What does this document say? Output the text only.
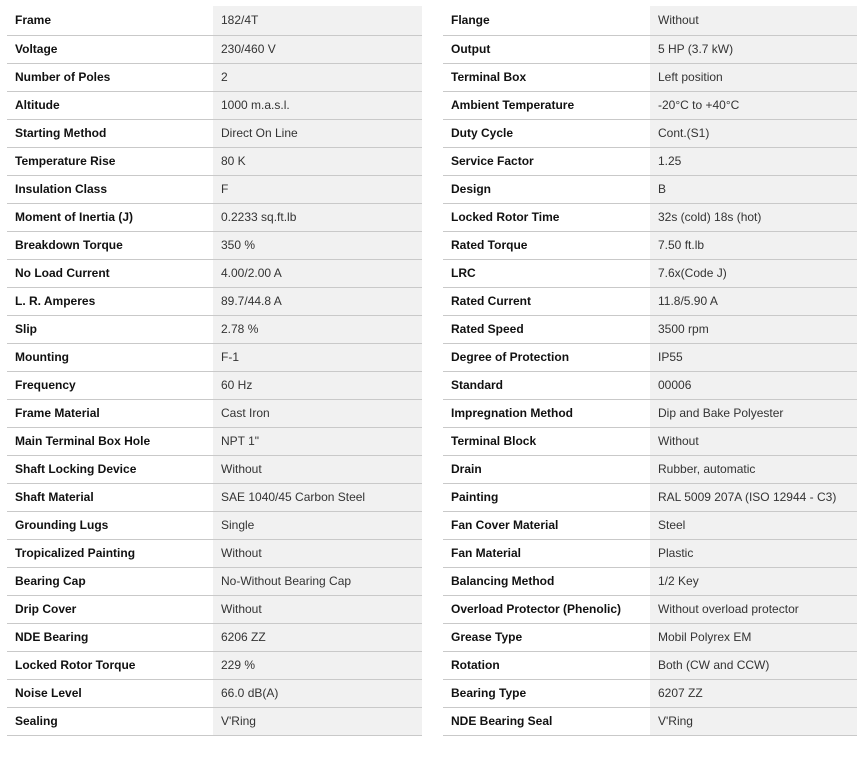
Frame	182/4T
Voltage	230/460 V
Number of Poles	2
Altitude	1000 m.a.s.l.
Starting Method	Direct On Line
Temperature Rise	80 K
Insulation Class	F
Moment of Inertia (J)	0.2233 sq.ft.lb
Breakdown Torque	350 %
No Load Current	4.00/2.00 A
L. R. Amperes	89.7/44.8 A
Slip	2.78 %
Mounting	F-1
Frequency	60 Hz
Frame Material	Cast Iron
Main Terminal Box Hole	NPT 1"
Shaft Locking Device	Without
Shaft Material	SAE 1040/45 Carbon Steel
Grounding Lugs	Single
Tropicalized Painting	Without
Bearing Cap	No-Without Bearing Cap
Drip Cover	Without
NDE Bearing	6206 ZZ
Locked Rotor Torque	229 %
Noise Level	66.0 dB(A)
Sealing	V'Ring
Flange	Without
Output	5 HP (3.7 kW)
Terminal Box	Left position
Ambient Temperature	-20°C to +40°C
Duty Cycle	Cont.(S1)
Service Factor	1.25
Design	B
Locked Rotor Time	32s (cold) 18s (hot)
Rated Torque	7.50 ft.lb
LRC	7.6x(Code J)
Rated Current	11.8/5.90 A
Rated Speed	3500 rpm
Degree of Protection	IP55
Standard	00006
Impregnation Method	Dip and Bake Polyester
Terminal Block	Without
Drain	Rubber, automatic
Painting	RAL 5009 207A (ISO 12944 - C3)
Fan Cover Material	Steel
Fan Material	Plastic
Balancing Method	1/2 Key
Overload Protector (Phenolic)	Without overload protector
Grease Type	Mobil Polyrex EM
Rotation	Both (CW and CCW)
Bearing Type	6207 ZZ
NDE Bearing Seal	V'Ring
